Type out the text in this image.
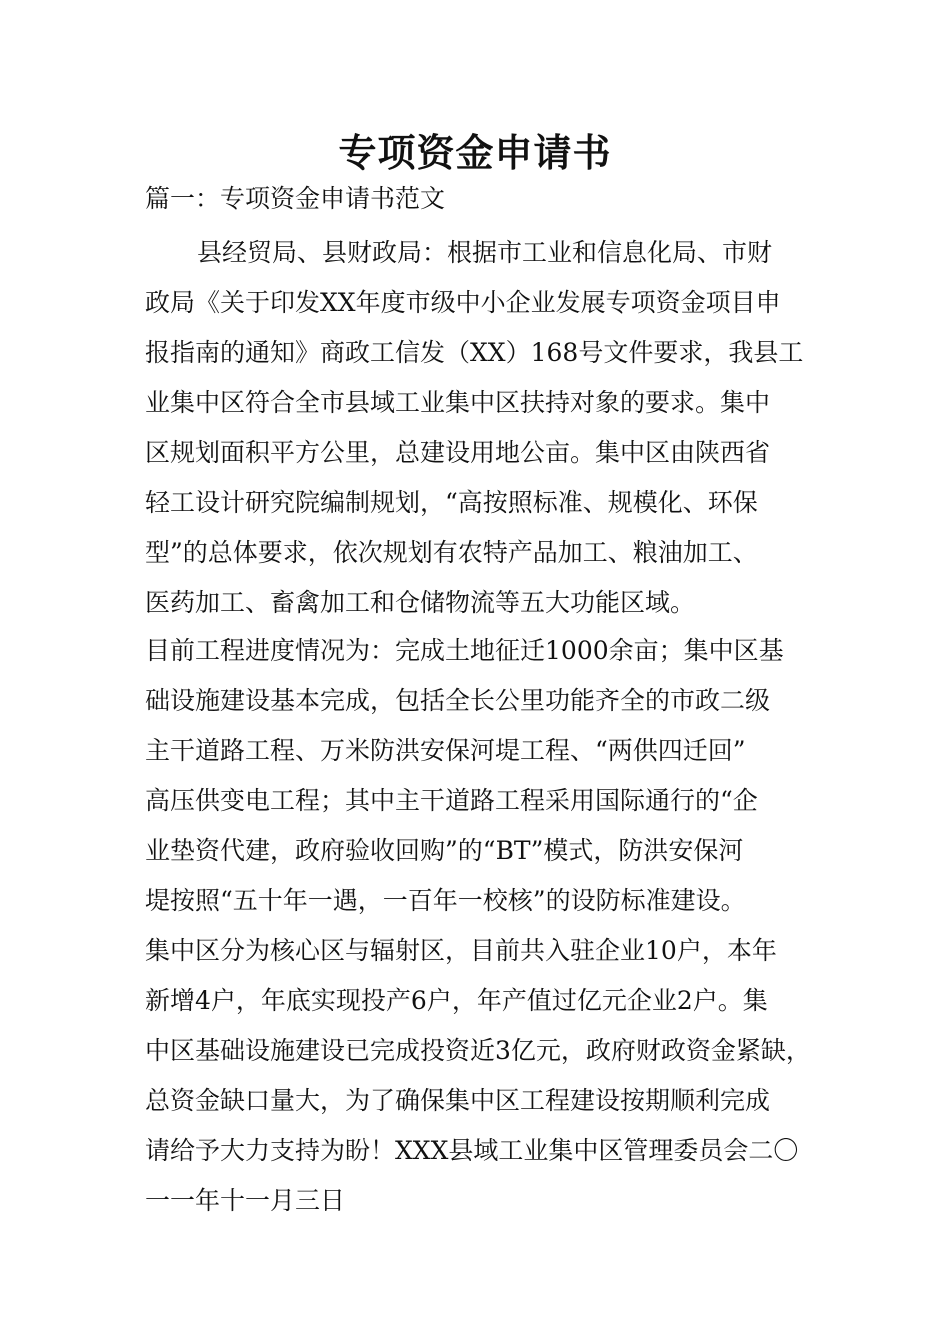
专项资金申请书

篇一：专项资金申请书范文

县经贸局、县财政局：根据市工业和信息化局、市财

政局《关于印发XX年度市级中小企业发展专项资金项目申

报指南的通知》商政工信发（XX）168号文件要求，我县工

业集中区符合全市县域工业集中区扶持对象的要求。集中

区规划面积平方公里，总建设用地公亩。集中区由陕西省

轻工设计研究院编制规划，“高按照标准、规模化、环保

型”的总体要求，依次规划有农特产品加工、粮油加工、

医药加工、畜禽加工和仓储物流等五大功能区域。

目前工程进度情况为：完成土地征迁1000余亩；集中区基

础设施建设基本完成，包括全长公里功能齐全的市政二级

主干道路工程、万米防洪安保河堤工程、“两供四迁回”

高压供变电工程；其中主干道路工程采用国际通行的“企

业垫资代建，政府验收回购”的“BT”模式，防洪安保河

堤按照“五十年一遇，一百年一校核”的设防标准建设。

集中区分为核心区与辐射区，目前共入驻企业10户，本年

新增4户，年底实现投产6户，年产值过亿元企业2户。集

中区基础设施建设已完成投资近3亿元，政府财政资金紧缺，

总资金缺口量大，为了确保集中区工程建设按期顺利完成

请给予大力支持为盼！XXX县域工业集中区管理委员会二〇

一一年十一月三日
